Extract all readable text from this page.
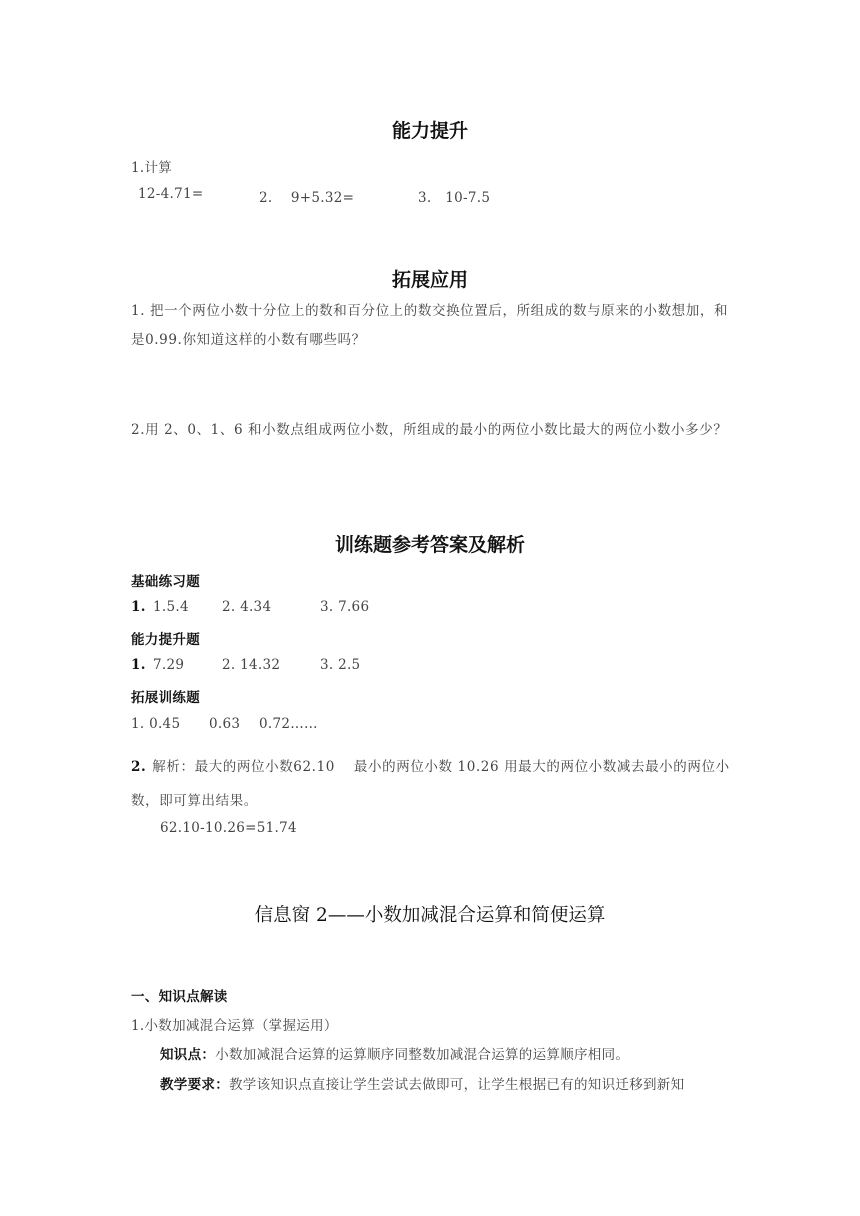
能力提升
1.计算
12-4.71=	2.　 9+5.32=	3.　10-7.5
拓展应用
1. 把一个两位小数十分位上的数和百分位上的数交换位置后，所组成的数与原来的小数想加，和是0.99.你知道这样的小数有哪些吗？
2.用 2、0、1、6 和小数点组成两位小数，所组成的最小的两位小数比最大的两位小数小多少？
训练题参考答案及解析
基础练习题
1. 1.5.4 2. 4.34	3. 7.66
能力提升题
1. 7.29	2. 14.32	3. 2.5
拓展训练题
1. 0.45 0.63 0.72……
2. 解析：最大的两位小数62.10　 最小的两位小数 10.26 用最大的两位小数减去最小的两位小数，即可算出结果。
62.10-10.26=51.74
信息窗 2——小数加减混合运算和简便运算
一、知识点解读
1.小数加减混合运算（掌握运用）
知识点：小数加减混合运算的运算顺序同整数加减混合运算的运算顺序相同。
教学要求：教学该知识点直接让学生尝试去做即可，让学生根据已有的知识迁移到新知
